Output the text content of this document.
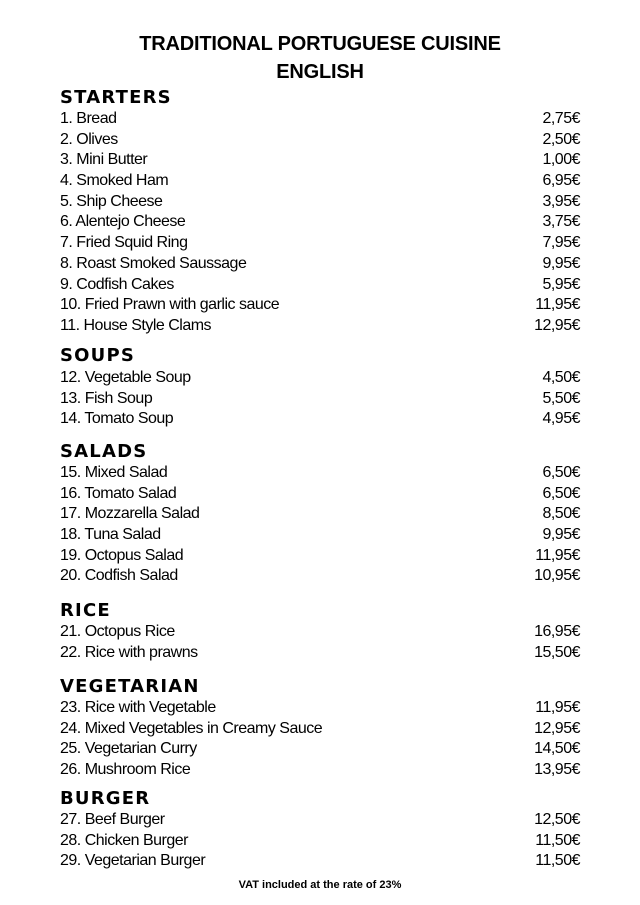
TRADITIONAL PORTUGUESE CUISINE
ENGLISH
STARTERS
1. Bread	2,75€
2. Olives	2,50€
3. Mini Butter	1,00€
4. Smoked Ham	6,95€
5. Ship Cheese	3,95€
6. Alentejo Cheese	3,75€
7. Fried Squid Ring	7,95€
8. Roast Smoked Saussage	9,95€
9. Codfish Cakes	5,95€
10. Fried Prawn with garlic sauce	11,95€
11. House Style Clams	12,95€
SOUPS
12. Vegetable Soup	4,50€
13. Fish Soup	5,50€
14. Tomato Soup	4,95€
SALADS
15. Mixed Salad	6,50€
16. Tomato Salad	6,50€
17. Mozzarella Salad	8,50€
18. Tuna Salad	9,95€
19. Octopus Salad	11,95€
20. Codfish Salad	10,95€
RICE
21. Octopus Rice	16,95€
22. Rice with prawns	15,50€
VEGETARIAN
23. Rice with Vegetable	11,95€
24. Mixed Vegetables in Creamy Sauce	12,95€
25. Vegetarian Curry	14,50€
26. Mushroom Rice	13,95€
BURGER
27. Beef Burger	12,50€
28. Chicken Burger	11,50€
29. Vegetarian Burger	11,50€
VAT included at the rate of 23%
